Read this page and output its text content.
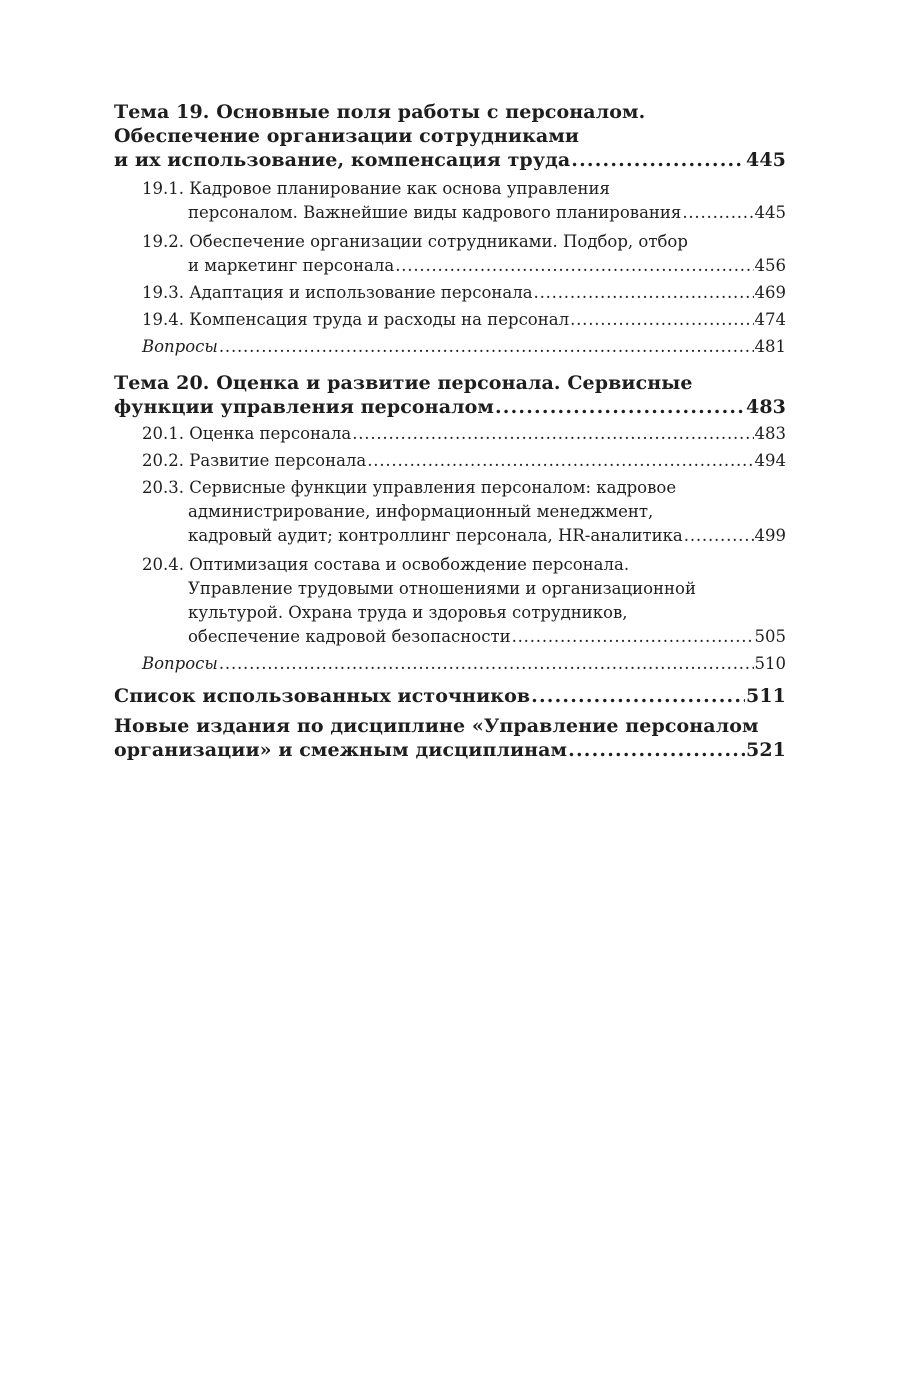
Тема 19. Основные поля работы с персоналом.
Обеспечение организации сотрудниками
и их использование, компенсация труда .....	445
19.1. Кадровое планирование как основа управления
персоналом. Важнейшие виды кадрового планирования .....	445
19.2. Обеспечение организации сотрудниками. Подбор, отбор
и маркетинг персонала .....	456
19.3. Адаптация и использование персонала .....	469
19.4. Компенсация труда и расходы на персонал .....	474
Вопросы .....	481
Тема 20. Оценка и развитие персонала. Сервисные
функции управления персоналом .....	483
20.1. Оценка персонала .....	483
20.2. Развитие персонала .....	494
20.3. Сервисные функции управления персоналом: кадровое
администрирование, информационный менеджмент,
кадровый аудит; контроллинг персонала, HR-аналитика .....	499
20.4. Оптимизация состава и освобождение персонала.
Управление трудовыми отношениями и организационной
культурой. Охрана труда и здоровья сотрудников,
обеспечение кадровой безопасности .....	505
Вопросы .....	510
Список использованных источников .....	511
Новые издания по дисциплине «Управление персоналом
организации» и смежным дисциплинам .....	521
